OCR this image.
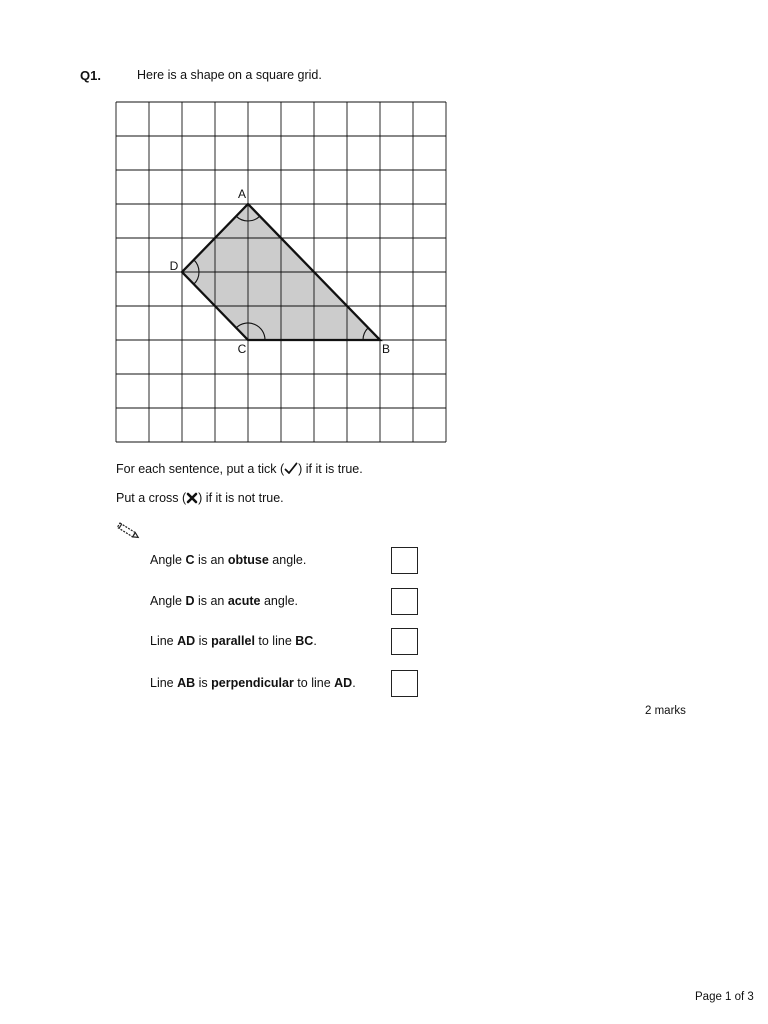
Q1.	Here is a shape on a square grid.
A
B
C
D
For each sentence, put a tick ( ) if it is true.
Put a cross ( ) if it is not true.
Angle C is an obtuse angle.
Angle D is an acute angle.
Line AD is parallel to line BC.
Line AB is perpendicular to line AD.
2 marks
Page 1 of 3
